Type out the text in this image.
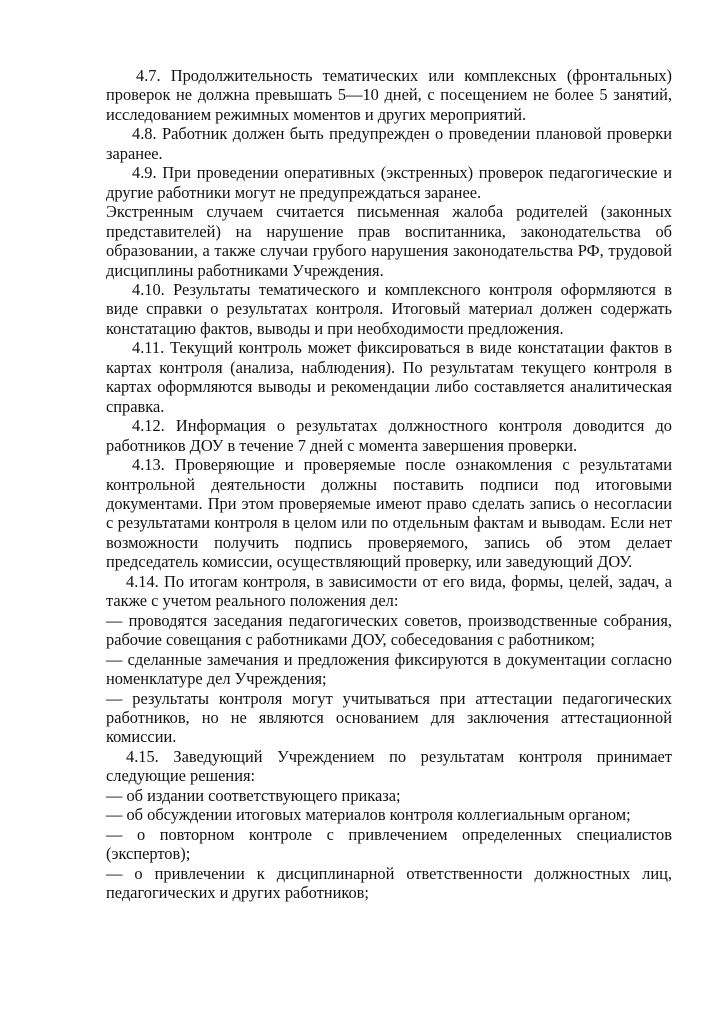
4.7. Продолжительность тематических или комплексных (фронтальных) проверок не должна превышать 5—10 дней, с посещением не более 5 занятий, исследованием режимных моментов и других мероприятий.

4.8. Работник должен быть предупрежден о проведении плановой проверки заранее.

4.9. При проведении оперативных (экстренных) проверок педагогические и другие работники могут не предупреждаться заранее.

Экстренным случаем считается письменная жалоба родителей (законных представителей) на нарушение прав воспитанника, законодательства об образовании, а также случаи грубого нарушения законодательства РФ, трудовой дисциплины работниками Учреждения.

4.10. Результаты тематического и комплексного контроля оформляются в виде справки о результатах контроля. Итоговый материал должен содержать констатацию фактов, выводы и при необходимости предложения.

4.11. Текущий контроль может фиксироваться в виде констатации фактов в картах контроля (анализа, наблюдения). По результатам текущего контроля в картах оформляются выводы и рекомендации либо составляется аналитическая справка.

4.12. Информация о результатах должностного контроля доводится до работников ДОУ в течение 7 дней с момента завершения проверки.

4.13. Проверяющие и проверяемые после ознакомления с результатами контрольной деятельности должны поставить подписи под итоговыми документами. При этом проверяемые имеют право сделать запись о несогласии с результатами контроля в целом или по отдельным фактам и выводам. Если нет возможности получить подпись проверяемого, запись об этом делает председатель комиссии, осуществляющий проверку, или заведующий ДОУ.

4.14. По итогам контроля, в зависимости от его вида, формы, целей, задач, а также с учетом реального положения дел:

— проводятся заседания педагогических советов, производственные собрания, рабочие совещания с работниками ДОУ, собеседования с работником;

— сделанные замечания и предложения фиксируются в документации согласно номенклатуре дел Учреждения;

— результаты контроля могут учитываться при аттестации педагогических работников, но не являются основанием для заключения аттестационной комиссии.

4.15. Заведующий Учреждением по результатам контроля принимает следующие решения:

— об издании соответствующего приказа;

— об обсуждении итоговых материалов контроля коллегиальным органом;

— о повторном контроле с привлечением определенных специалистов (экспертов);

— о привлечении к дисциплинарной ответственности должностных лиц, педагогических и других работников;
